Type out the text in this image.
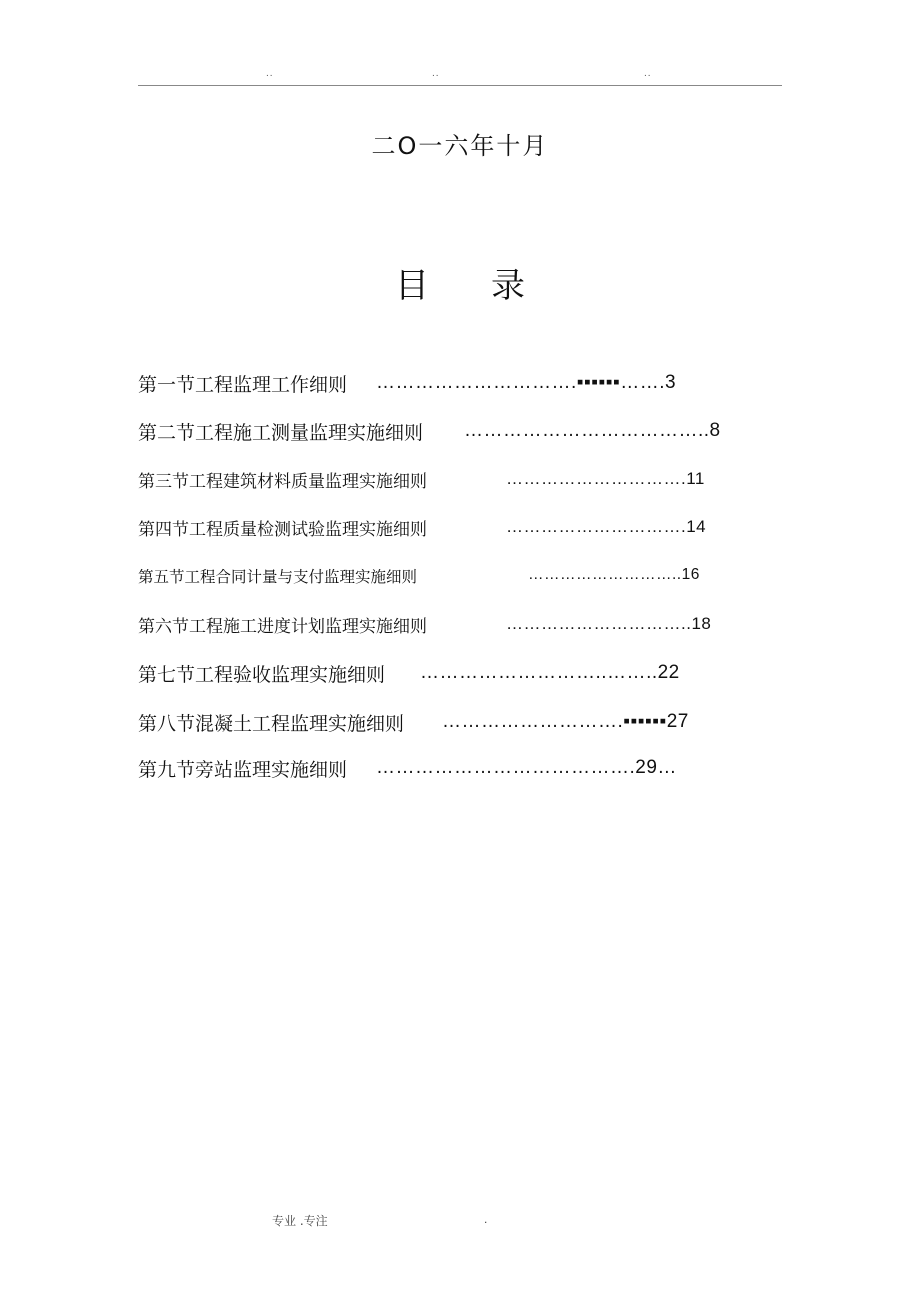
..	..	..
二O一六年十月
目 录
第一节工程监理工作细则 ………………………….▪▪▪▪▪▪…….3
第二节工程施工测量监理实施细则 ………………………………..8
第三节工程建筑材料质量监理实施细则	………………………….11
第四节工程质量检测试验监理实施细则	………………………….14
第五节工程合同计量与支付监理实施细则	………………………..16
第六节工程施工进度计划监理实施细则	…………………………..18
第七节工程验收监理实施细则 ………………………..……..22
第八节混凝土工程监理实施细则 ……………………….▪▪▪▪▪▪27
第九节旁站监理实施细则 ………………………………….29…
专业 .专注	.
